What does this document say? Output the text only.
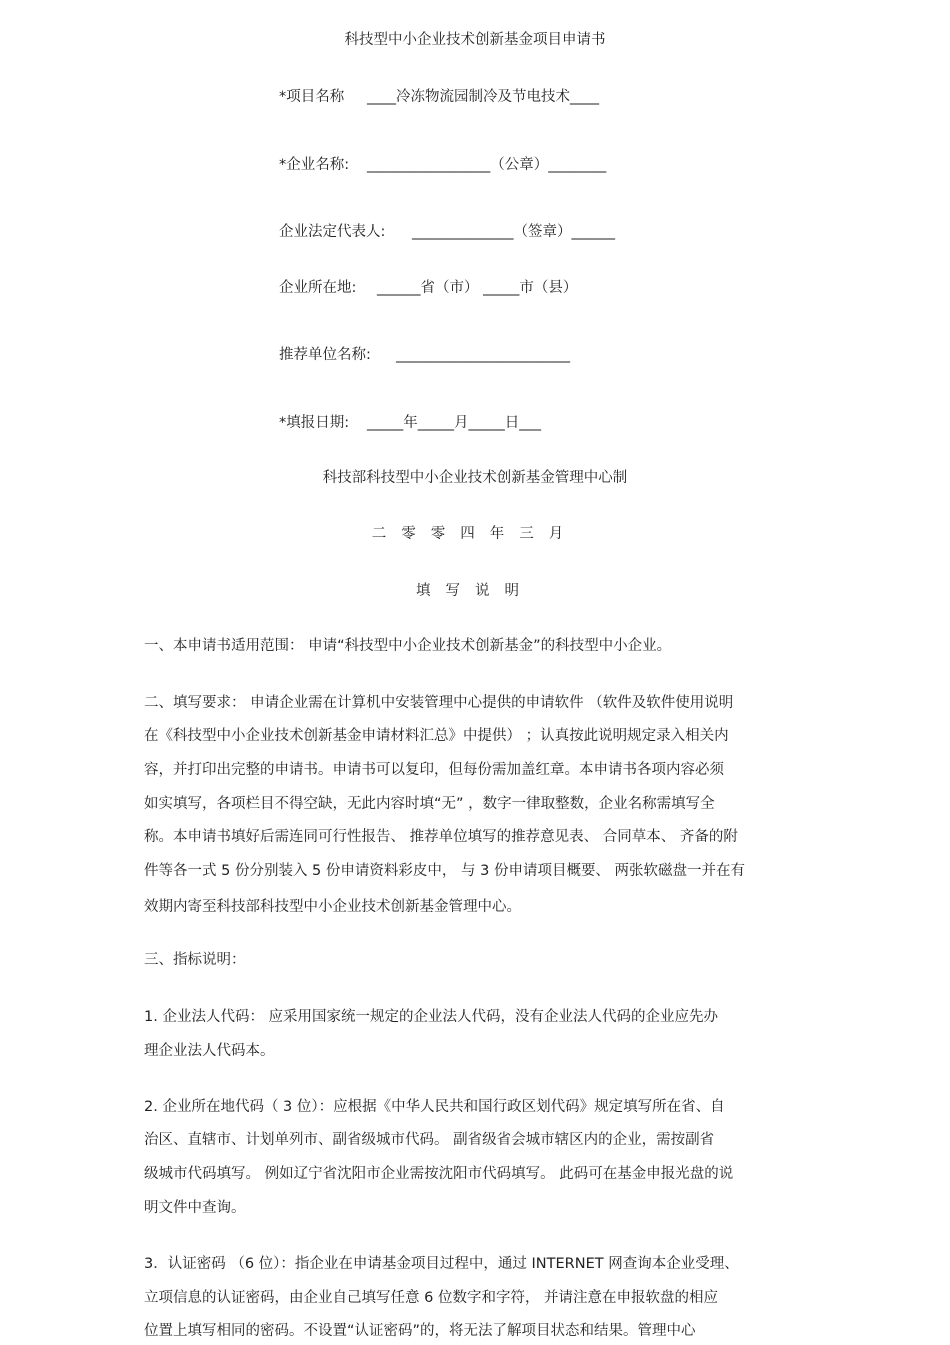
科技型中小企业技术创新基金项目申请书
*项目名称 ____冷冻物流园制冷及节电技术____
*企业名称: _________________（公章）________
企业法定代表人: ______________（签章）______
企业所在地: ______省（市） _____市（县）
推荐单位名称: ________________________
*填报日期: _____年_____月_____日___
科技部科技型中小企业技术创新基金管理中心制
二零零四年三月
填写说明
一、本申请书适用范围： 申请“科技型中小企业技术创新基金”的科技型中小企业。
二、填写要求： 申请企业需在计算机中安装管理中心提供的申请软件 （软件及软件使用说明
在《科技型中小企业技术创新基金申请材料汇总》中提供） ；认真按此说明规定录入相关内
容，并打印出完整的申请书。申请书可以复印，但每份需加盖红章。本申请书各项内容必须
如实填写，各项栏目不得空缺，无此内容时填“无” ，数字一律取整数，企业名称需填写全
称。本申请书填好后需连同可行性报告、 推荐单位填写的推荐意见表、 合同草本、 齐备的附
件等各一式 5 份分别装入 5 份申请资料彩皮中， 与 3 份申请项目概要、 两张软磁盘一并在有
效期内寄至科技部科技型中小企业技术创新基金管理中心。
三、指标说明：
1. 企业法人代码： 应采用国家统一规定的企业法人代码，没有企业法人代码的企业应先办
理企业法人代码本。
2. 企业所在地代码（ 3 位）：应根据《中华人民共和国行政区划代码》规定填写所在省、自
治区、直辖市、计划单列市、副省级城市代码。 副省级省会城市辖区内的企业，需按副省
级城市代码填写。 例如辽宁省沈阳市企业需按沈阳市代码填写。 此码可在基金申报光盘的说
明文件中查询。
3．认证密码 （6 位）：指企业在申请基金项目过程中，通过 INTERNET 网查询本企业受理、
立项信息的认证密码，由企业自己填写任意 6 位数字和字符， 并请注意在申报软盘的相应
位置上填写相同的密码。不设置“认证密码”的，将无法了解项目状态和结果。管理中心
